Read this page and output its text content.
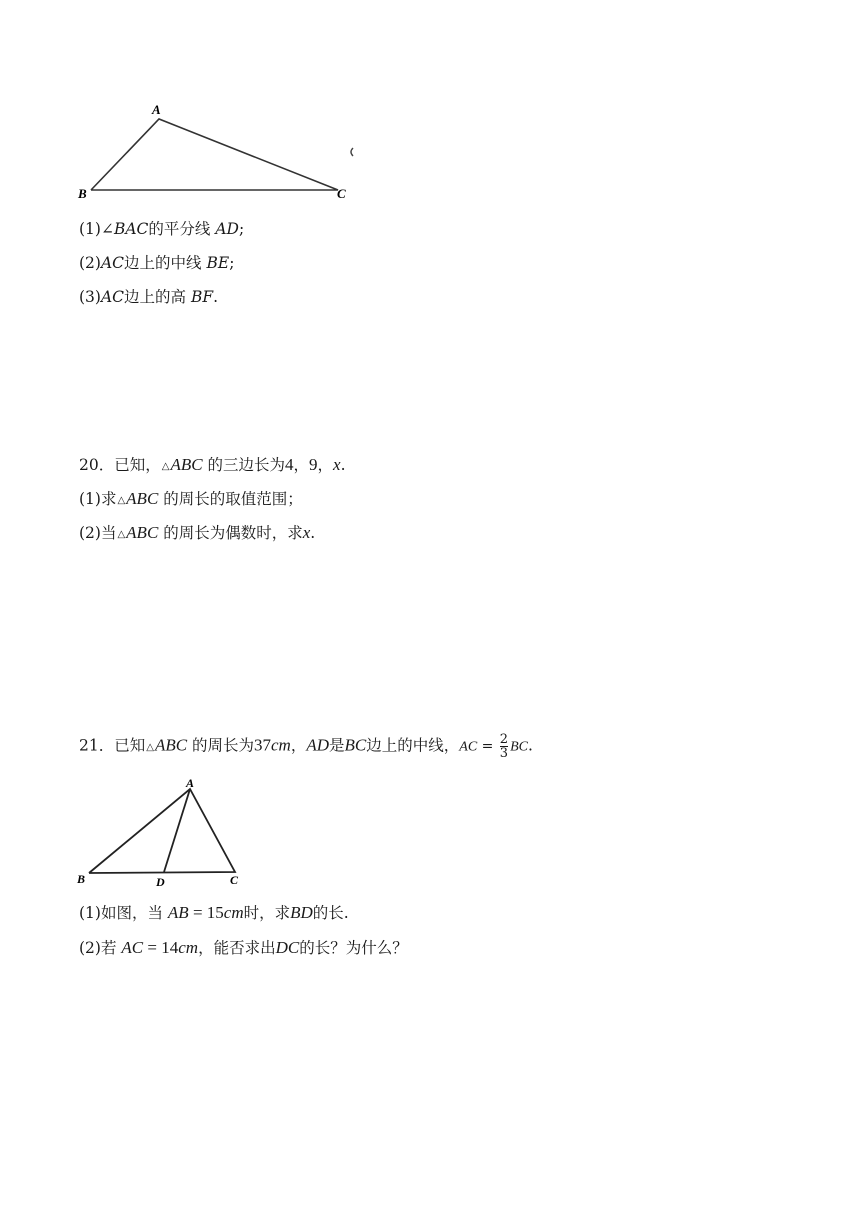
A
B	C
(1)∠BAC的平分线 AD;
(2)AC边上的中线 BE;
(3)AC边上的高 BF.
20．已知，△ABC 的三边长为4，9，x.
(1)求△ABC 的周长的取值范围；
(2)当△ABC 的周长为偶数时，求x.
21．已知△ABC 的周长为37cm，AD是BC边上的中线，AC = $\frac{2}{3}$ BC.
A
B	D	C
(1)如图，当 AB = 15cm时，求BD的长.
(2)若 AC = 14cm，能否求出DC的长？为什么？
